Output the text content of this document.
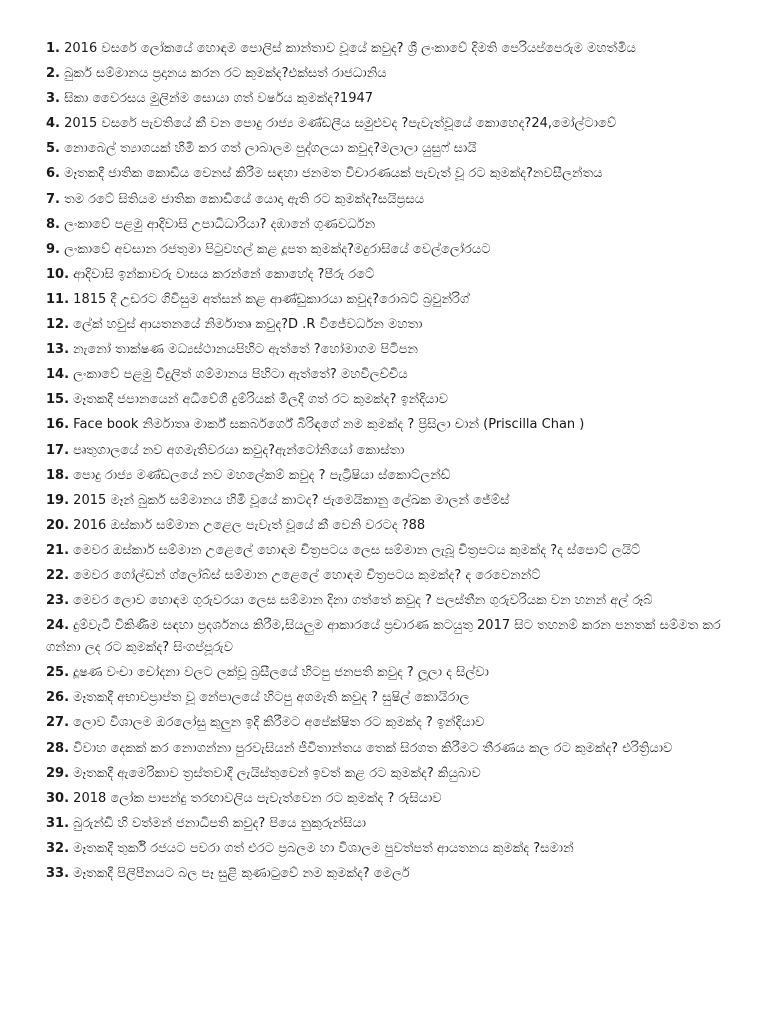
1. 2016 වසරේ ලෝකයේ හොඳම පොලිස් කාන්තාව වූයේ කවුද? ශ්‍රී ලංකාවේ දිමති පෙරියප්පෙරුම මහත්මිය
2. බුකර් සම්මානය ප්‍රදානය කරන රට කුමක්ද?එක්සත් රාජධානිය
3. සිකා වෛරසය මුලින්ම සොයා ගත් වර්ෂය කුමක්ද?1947
4. 2015 වසරේ පැවතියේ කී වන පොදු රාජ්‍ය මණ්ඩලීය සමුළුවද ?පැවැත්වූයේ කොහෙද?24,මෝල්ටාවේ
5. නොබෙල් ත්‍යාගයක් හිමි කර ගත් ලාබාලම පුද්ගලයා කවුද?මලාලා යුසුෆ් සායි
6. මෑතකදී ජාතික කොඩිය වෙනස් කිරීම සඳහා ජනමත විචාරණයක් පැවැත් වූ රට කුමක්ද?නවසීලන්තය
7. තම රටේ සිතියම ජාතික කොඩියේ යොදා ඇති රට කුමක්ද?සයිප්‍රසය
8. ලංකාවේ පළමු ආදිවාසි උපාධිධාරියා? දඹානේ ගුණවර්ධන
9. ලංකාවේ අවසාන රජතුමා පිටුවහල් කළ දූපත කුමක්ද?මදුරාසියේ වෙල්ලෝරයට
10. ආදිවාසි ඉන්කාවරු වාසය කරන්නේ කොහේද ?පීරු රටේ
11. 1815 දී උඩරට ගිවිසුම අත්සන් කළ ආණ්ඩුකාරයා කවුද?රොබට් බ්‍රවුන්රිග්
12. ලේක් හවුස් ආයතනයේ නිර්මාතෘ කවුද?D .R විජේවර්ධන මහතා
13. නැනෝ තාක්ෂණ මධ්‍යස්ථානයපිහිට ඇත්තේ ?හෝමාගම පිටිපන
14. ලංකාවේ පළමු විදුලිත් ගම්මානය පිහිටා ඇත්තේ? මහවිලච්චිය
15. මෑතකදී ජපානයෙන් අධිවේගී දුම්රියක් මිලදී ගත් රට කුමක්ද? ඉන්දියාව
16. Face book නිර්මාතෘ මාර්ක් සකර්බර්ගේ බිරිඳගේ නම කුමක්ද ? ප්‍රිසිලා චාන් (Priscilla Chan )
17. පෘතුගාලයේ නව අගමැතිවරයා කවුද?ඇන්ටෝනියෝ කොස්තා
18. පොදු රාජ්‍ය මණ්ඩලයේ නව මහලේකම් කවුද ? පැට්‍රිෂියා ස්කොට්ලන්ඩ්
19. 2015 මෑන් බුකර් සම්මානය හිමි වූයේ කාටද? ජැමෙයිකානු ලේඛක මාලන් ජේම්ස්
20. 2016 ඔස්කාර් සම්මාන උළෙල පැවැත් වූයේ කී වෙනි වරටද ?88
21. මෙවර ඔස්කාර් සම්මාන උළෙලේ හොඳම චිත්‍රපටය ලෙස සම්මාන ලැබූ චිත්‍රපටය කුමක්ද ?ද ස්පොට් ලයිට්
22. මෙවර ගෝල්ඩන් ග්ලෝබ්ස් සම්මාන උළෙලේ හොඳම චිත්‍රපටය කුමක්ද? ද රෙවෙනන්ට්
23. මෙවර ලොව හොඳම ගුරුවරයා ලෙස සම්මාන දිනා ගත්තේ කවුද ? පලස්තීන ගුරුවරියක වන හනන් අල් රූබ්
24. දුම්වැටි විකිණීම සඳහා ප්‍රදර්ශනය කිරීම,සියලුම ආකාරයේ ප්‍රචාරණ කටයුතු 2017 සිට තහනම් කරන පනතක් සම්මත කර ගන්නා ලද රට කුමක්ද? සිංගප්පූරුව
25. දූෂණ වංචා චෝදනා වලට ලක්වූ බ්‍රසීලයේ හිටපු ජනපති කවුද ? ලූලා ද සිල්වා
26. මෑතකදී අභාවප්‍රාප්ත වූ නේපාලයේ හිටපු අගමැති කවුද ? සුෂිල් කොයිරාල
27. ලොව විශාලම ඔරලෝසු කුලුන ඉදි කිරීමට අපේක්ෂිත රට කුමක්ද ? ඉන්දියාව
28. විවාහ දෙකක් කර නොගන්නා පුරවැසියන් ජීවිතාන්තය තෙක් සිරගත කිරීමට තීරණය කල රට කුමක්ද? එරිත්‍රියාව
29. මෑතකදී ඇමෙරිකාව ත්‍රස්තවාදී ලැයිස්තුවෙන් ඉවත් කළ රට කුමක්ද? කියුබාව
30. 2018 ලෝක පාපන්දු තරඟාවලිය පැවැත්වෙන රට කුමක්ද ? රුසියාව
31. බුරුන්ඩි හි වත්මන් ජනාධිපති කවුද? පියෙ නුකුරුන්සියා
32. මෑතකදී තුර්කි රජයට පවරා ගත් එරට ප්‍රබලම හා විශාලම පුවත්පත් ආයතනය කුමක්ද ?සමාන්
33. මෑතකදී පිලිපීනයට බල පෑ සුළි කුණාටුවේ නම කුමක්ද? මෙලර්
